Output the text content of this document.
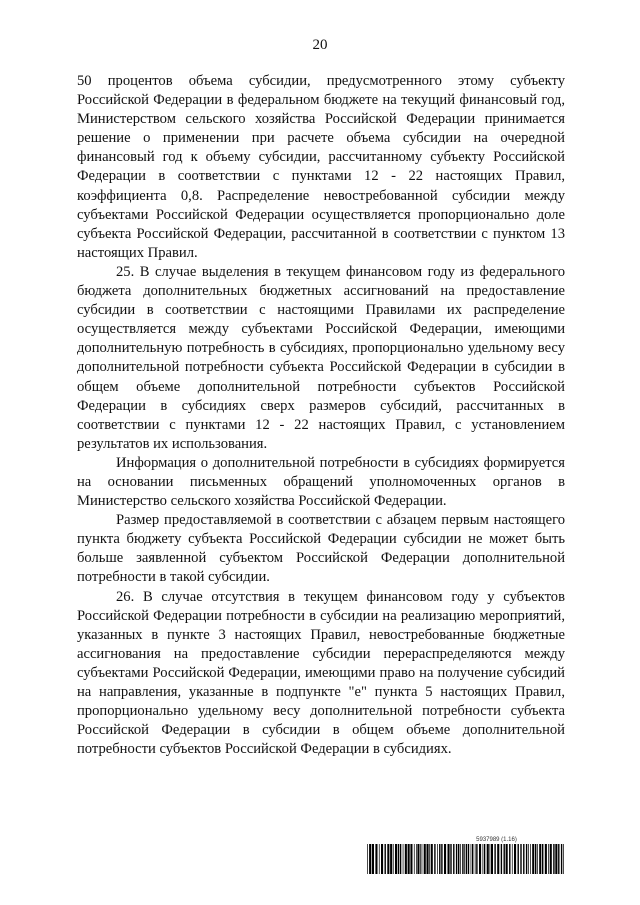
20

50 процентов объема субсидии, предусмотренного этому субъекту Российской Федерации в федеральном бюджете на текущий финансовый год, Министерством сельского хозяйства Российской Федерации принимается решение о применении при расчете объема субсидии на очередной финансовый год к объему субсидии, рассчитанному субъекту Российской Федерации в соответствии с пунктами 12 - 22 настоящих Правил, коэффициента 0,8. Распределение невостребованной субсидии между субъектами Российской Федерации осуществляется пропорционально доле субъекта Российской Федерации, рассчитанной в соответствии с пунктом 13 настоящих Правил.

25. В случае выделения в текущем финансовом году из федерального бюджета дополнительных бюджетных ассигнований на предоставление субсидии в соответствии с настоящими Правилами их распределение осуществляется между субъектами Российской Федерации, имеющими дополнительную потребность в субсидиях, пропорционально удельному весу дополнительной потребности субъекта Российской Федерации в субсидии в общем объеме дополнительной потребности субъектов Российской Федерации в субсидиях сверх размеров субсидий, рассчитанных в соответствии с пунктами 12 - 22 настоящих Правил, с установлением результатов их использования.

Информация о дополнительной потребности в субсидиях формируется на основании письменных обращений уполномоченных органов в Министерство сельского хозяйства Российской Федерации.

Размер предоставляемой в соответствии с абзацем первым настоящего пункта бюджету субъекта Российской Федерации субсидии не может быть больше заявленной субъектом Российской Федерации дополнительной потребности в такой субсидии.

26. В случае отсутствия в текущем финансовом году у субъектов Российской Федерации потребности в субсидии на реализацию мероприятий, указанных в пункте 3 настоящих Правил, невостребованные бюджетные ассигнования на предоставление субсидии перераспределяются между субъектами Российской Федерации, имеющими право на получение субсидий на направления, указанные в подпункте "е" пункта 5 настоящих Правил, пропорционально удельному весу дополнительной потребности субъекта Российской Федерации в субсидии в общем объеме дополнительной потребности субъектов Российской Федерации в субсидиях.

5937989 (1.16)
